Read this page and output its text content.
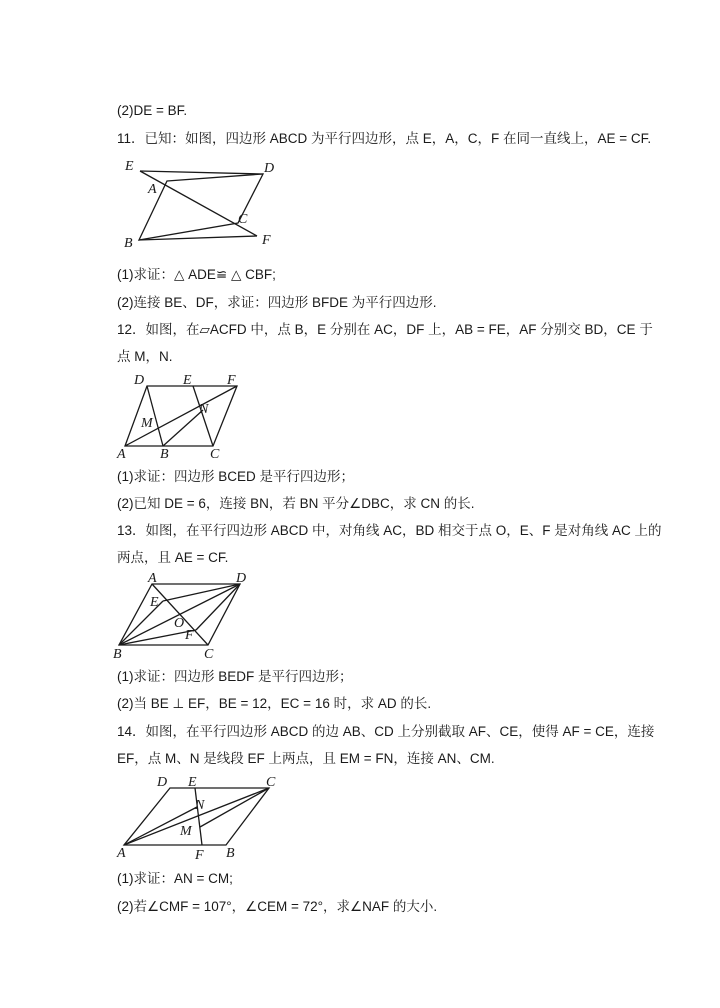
(2)DE = BF.
11．已知：如图，四边形 ABCD 为平行四边形，点 E，A，C，F 在同一直线上，AE = CF.
E
A
D
C
B	F
(1)求证：△ ADE≌ △ CBF;
(2)连接 BE、DF，求证：四边形 BFDE 为平行四边形.
12．如图，在▱ACFD 中，点 B，E 分别在 AC，DF 上，AB = FE，AF 分别交 BD，CE 于
点 M，N.
D	E	F
N
M
A B	C
(1)求证：四边形 BCED 是平行四边形；
(2)已知 DE = 6，连接 BN，若 BN 平分∠DBC，求 CN 的长.
13．如图，在平行四边形 ABCD 中，对角线 AC，BD 相交于点 O，E、F 是对角线 AC 上的
两点，且 AE = CF.
A	D
E
O
F
B	C
(1)求证：四边形 BEDF 是平行四边形；
(2)当 BE ⊥ EF，BE = 12，EC = 16 时，求 AD 的长.
14．如图，在平行四边形 ABCD 的边 AB、CD 上分别截取 AF、CE，使得 AF = CE，连接
EF，点 M、N 是线段 EF 上两点，且 EM = FN，连接 AN、CM.
D E	C
N
M
A	F B
(1)求证：AN = CM;
(2)若∠CMF = 107°，∠CEM = 72°，求∠NAF 的大小.
